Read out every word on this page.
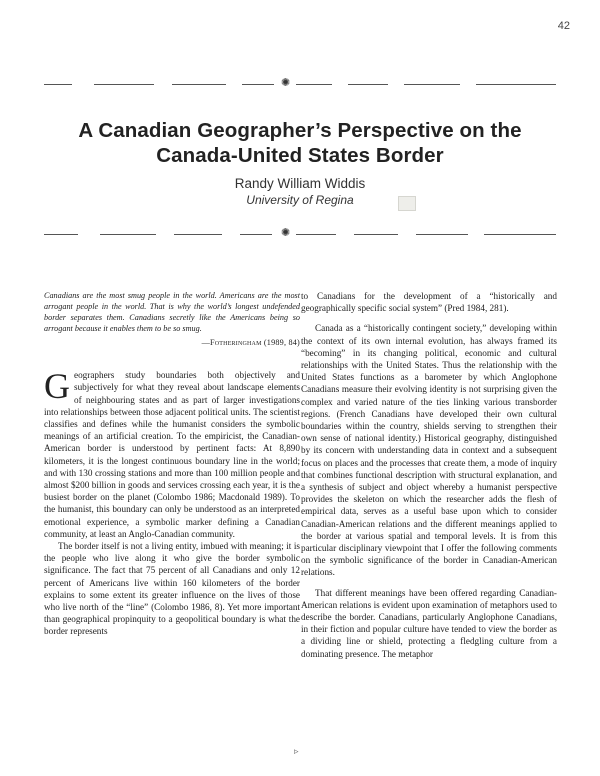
42
✺
A Canadian Geographer’s Perspective on the
Canada-United States Border
Randy William Widdis
University of Regina
✺
Canadians are the most smug people in the world. Americans are the most arrogant people in the world. That is why the world’s longest undefended border separates them. Canadians secretly like the Americans being so arrogant because it enables them to be so smug.
—Fotheringham (1989, 84)

Geographers study boundaries both objectively and subjectively for what they reveal about landscape elements of neighbouring states and as part of larger investigations into relationships between those adjacent political units. The scientist classifies and defines while the humanist considers the symbolic meanings of an artificial creation. To the empiricist, the Canadian-American border is understood by pertinent facts: At 8,890 kilometers, it is the longest continuous boundary line in the world; and with 130 crossing stations and more than 100 million people and almost $200 billion in goods and services crossing each year, it is the busiest border on the planet (Colombo 1986; Macdonald 1989). To the humanist, this boundary can only be understood as an interpreted emotional experience, a symbolic marker defining a Canadian community, at least an Anglo-Canadian community.

The border itself is not a living entity, imbued with meaning; it is the people who live along it who give the border symbolic significance. The fact that 75 percent of all Canadians and only 12 percent of Americans live within 160 kilometers of the border explains to some extent its greater influence on the lives of those who live north of the “line” (Colombo 1986, 8). Yet more important than geographical propinquity to a geopolitical boundary is what the border represents

to Canadians for the development of a “historically and geographically specific social system” (Pred 1984, 281).

Canada as a “historically contingent society,” developing within the context of its own internal evolution, has always framed its “becoming” in its changing political, economic and cultural relationships with the United States. Thus the relationship with the United States functions as a barometer by which Anglophone Canadians measure their evolving identity is not surprising given the complex and varied nature of the ties linking various transborder regions. (French Canadians have developed their own cultural boundaries within the country, shields serving to strengthen their own sense of national identity.) Historical geography, distinguished by its concern with understanding data in context and a subsequent focus on places and the processes that create them, a mode of inquiry that combines functional description with structural explanation, and a synthesis of subject and object whereby a humanist perspective provides the skeleton on which the researcher adds the flesh of empirical data, serves as a useful base upon which to consider Canadian-American relations and the different meanings applied to the border at various spatial and temporal levels. It is from this particular disciplinary viewpoint that I offer the following comments on the symbolic significance of the border in Canadian-American relations.

That different meanings have been offered regarding Canadian-American relations is evident upon examination of metaphors used to describe the border. Canadians, particularly Anglophone Canadians, in their fiction and popular culture have tended to view the border as a dividing line or shield, protecting a fledgling culture from a dominating presence. The metaphor

▹
